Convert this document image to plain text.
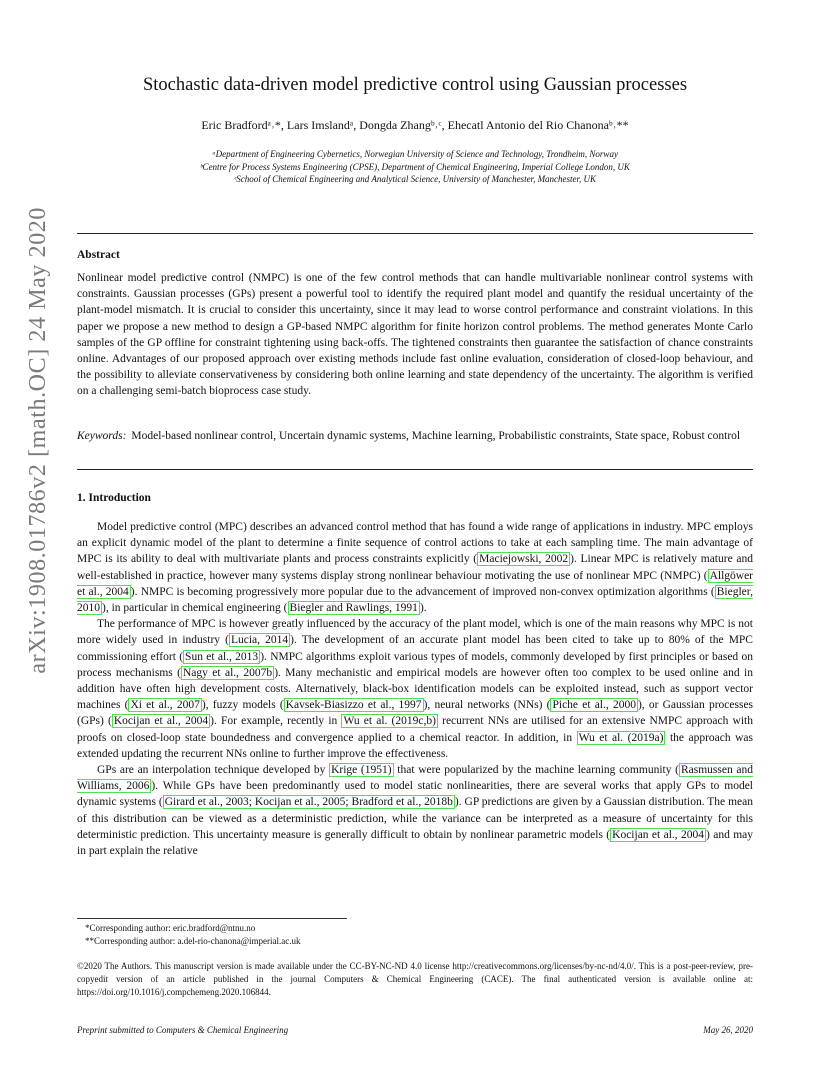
arXiv:1908.01786v2 [math.OC] 24 May 2020
Stochastic data-driven model predictive control using Gaussian processes
Eric Bradfordᵃ˒*, Lars Imslandᵃ, Dongda Zhangᵇ˒ᶜ, Ehecatl Antonio del Rio Chanonaᵇ˒**
ᵃDepartment of Engineering Cybernetics, Norwegian University of Science and Technology, Trondheim, Norway
ᵇCentre for Process Systems Engineering (CPSE), Department of Chemical Engineering, Imperial College London, UK
ᶜSchool of Chemical Engineering and Analytical Science, University of Manchester, Manchester, UK
Abstract
Nonlinear model predictive control (NMPC) is one of the few control methods that can handle multivariable nonlinear control systems with constraints. Gaussian processes (GPs) present a powerful tool to identify the required plant model and quantify the residual uncertainty of the plant-model mismatch. It is crucial to consider this uncertainty, since it may lead to worse control performance and constraint violations. In this paper we propose a new method to design a GP-based NMPC algorithm for finite horizon control problems. The method generates Monte Carlo samples of the GP offline for constraint tightening using back-offs. The tightened constraints then guarantee the satisfaction of chance constraints online. Advantages of our proposed approach over existing methods include fast online evaluation, consideration of closed-loop behaviour, and the possibility to alleviate conservativeness by considering both online learning and state dependency of the uncertainty. The algorithm is verified on a challenging semi-batch bioprocess case study.
Keywords: Model-based nonlinear control, Uncertain dynamic systems, Machine learning, Probabilistic constraints, State space, Robust control
1. Introduction

Model predictive control (MPC) describes an advanced control method that has found a wide range of applications in industry. MPC employs an explicit dynamic model of the plant to determine a finite sequence of control actions to take at each sampling time. The main advantage of MPC is its ability to deal with multivariate plants and process constraints explicitly ( Maciejowski, 2002 ). Linear MPC is relatively mature and well-established in practice, however many systems display strong nonlinear behaviour motivating the use of nonlinear MPC (NMPC) ( Allgöwer et al., 2004 ). NMPC is becoming progressively more popular due to the advancement of improved non-convex optimization algorithms ( Biegler, 2010 ), in particular in chemical engineering ( Biegler and Rawlings, 1991 ).

The performance of MPC is however greatly influenced by the accuracy of the plant model, which is one of the main reasons why MPC is not more widely used in industry ( Lucia, 2014 ). The development of an accurate plant model has been cited to take up to 80% of the MPC commissioning effort ( Sun et al., 2013 ). NMPC algorithms exploit various types of models, commonly developed by first principles or based on process mechanisms ( Nagy et al., 2007b ). Many mechanistic and empirical models are however often too complex to be used online and in addition have often high development costs. Alternatively, black-box identification models can be exploited instead, such as support vector machines ( Xi et al., 2007 ), fuzzy models ( Kavsek-Biasizzo et al., 1997 ), neural networks (NNs) ( Piche et al., 2000 ), or Gaussian processes (GPs) ( Kocijan et al., 2004 ). For example, recently in Wu et al. (2019c,b) recurrent NNs are utilised for an extensive NMPC approach with proofs on closed-loop state boundedness and convergence applied to a chemical reactor. In addition, in Wu et al. (2019a) the approach was extended updating the recurrent NNs online to further improve the effectiveness.

GPs are an interpolation technique developed by Krige (1951) that were popularized by the machine learning community ( Rasmussen and Williams, 2006 ). While GPs have been predominantly used to model static nonlinearities, there are several works that apply GPs to model dynamic systems ( Girard et al., 2003; Kocijan et al., 2005; Bradford et al., 2018b ). GP predictions are given by a Gaussian distribution. The mean of this distribution can be viewed as a deterministic prediction, while the variance can be interpreted as a measure of uncertainty for this deterministic prediction. This uncertainty measure is generally difficult to obtain by nonlinear parametric models ( Kocijan et al., 2004 ) and may in part explain the relative

*Corresponding author: eric.bradford@ntnu.no
**Corresponding author: a.del-rio-chanona@imperial.ac.uk
©2020 The Authors. This manuscript version is made available under the CC-BY-NC-ND 4.0 license http://creativecommons.org/licenses/by-nc-nd/4.0/. This is a post-peer-review, pre-copyedit version of an article published in the journal Computers & Chemical Engineering (CACE). The final authenticated version is available online at: https://doi.org/10.1016/j.compchemeng.2020.106844.
Preprint submitted to Computers & Chemical Engineering	May 26, 2020
